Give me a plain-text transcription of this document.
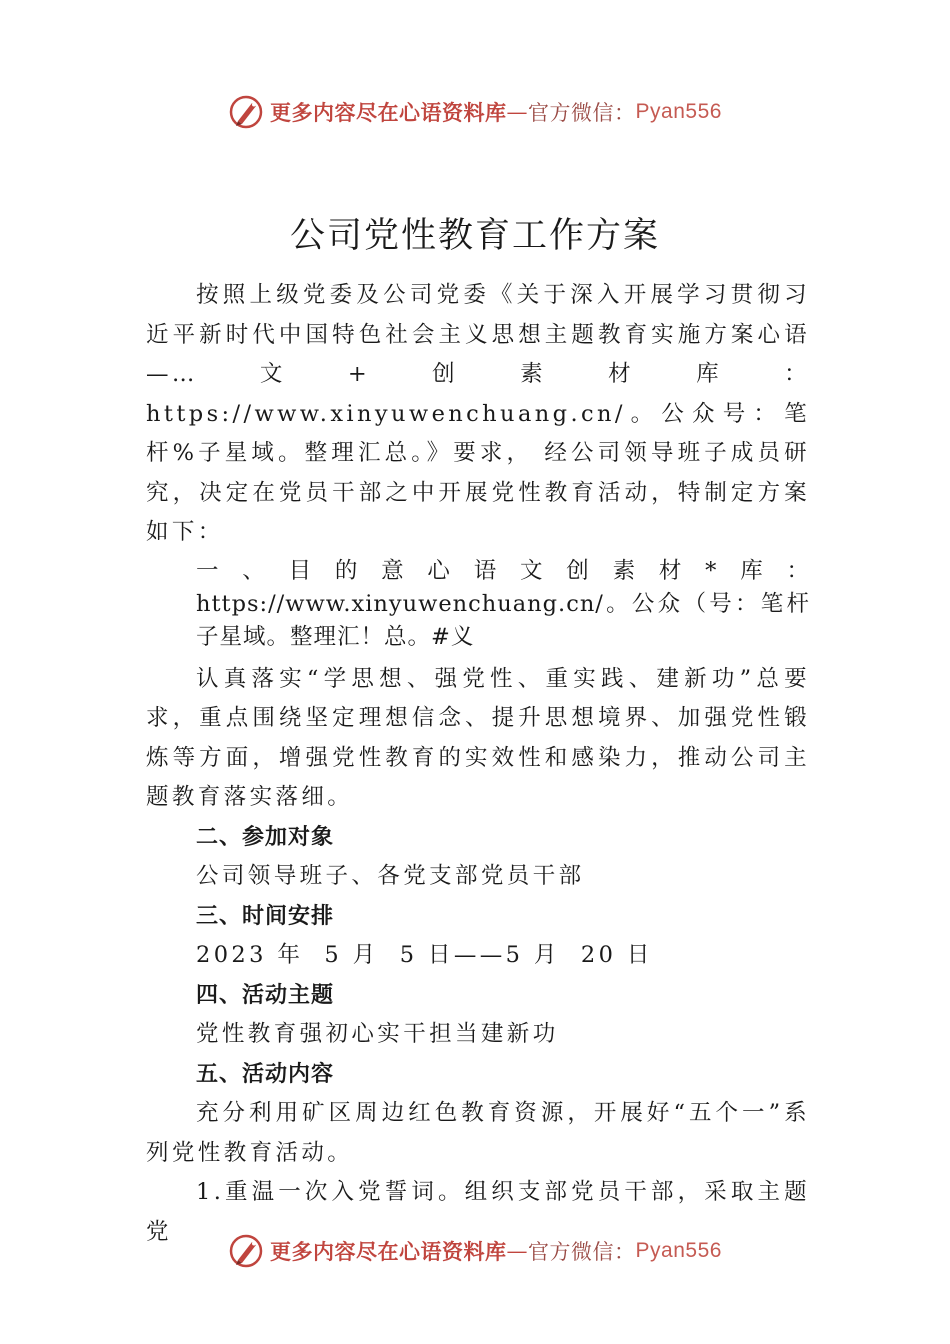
更多内容尽在心语资料库 — 官方微信： Pyan556
公司党性教育工作方案

按照上级党委及公司党委《关于深入开展学习贯彻习近平新时代中国特色社会主义思想主题教育实施方案心语—…文+创素材库：https://www.xinyuwenchuang.cn/。公众号：笔杆%子星域。整理汇总。》要求， 经公司领导班子成员研究，决定在党员干部之中开展党性教育活动，特制定方案如下：

一、目的意心语文创素材*库：https://www.xinyuwenchuang.cn/。公众（号：笔杆子星域。整理汇！总。#义

认真落实“学思想、强党性、重实践、建新功”总要求，重点围绕坚定理想信念、提升思想境界、加强党性锻炼等方面，增强党性教育的实效性和感染力，推动公司主题教育落实落细。

二、参加对象

公司领导班子、各党支部党员干部

三、时间安排

2023 年  5 月  5 日——5 月  20 日

四、活动主题

党性教育强初心实干担当建新功

五、活动内容

充分利用矿区周边红色教育资源，开展好“五个一”系列党性教育活动。

1.重温一次入党誓词。组织支部党员干部，采取主题党

更多内容尽在心语资料库 — 官方微信： Pyan556
